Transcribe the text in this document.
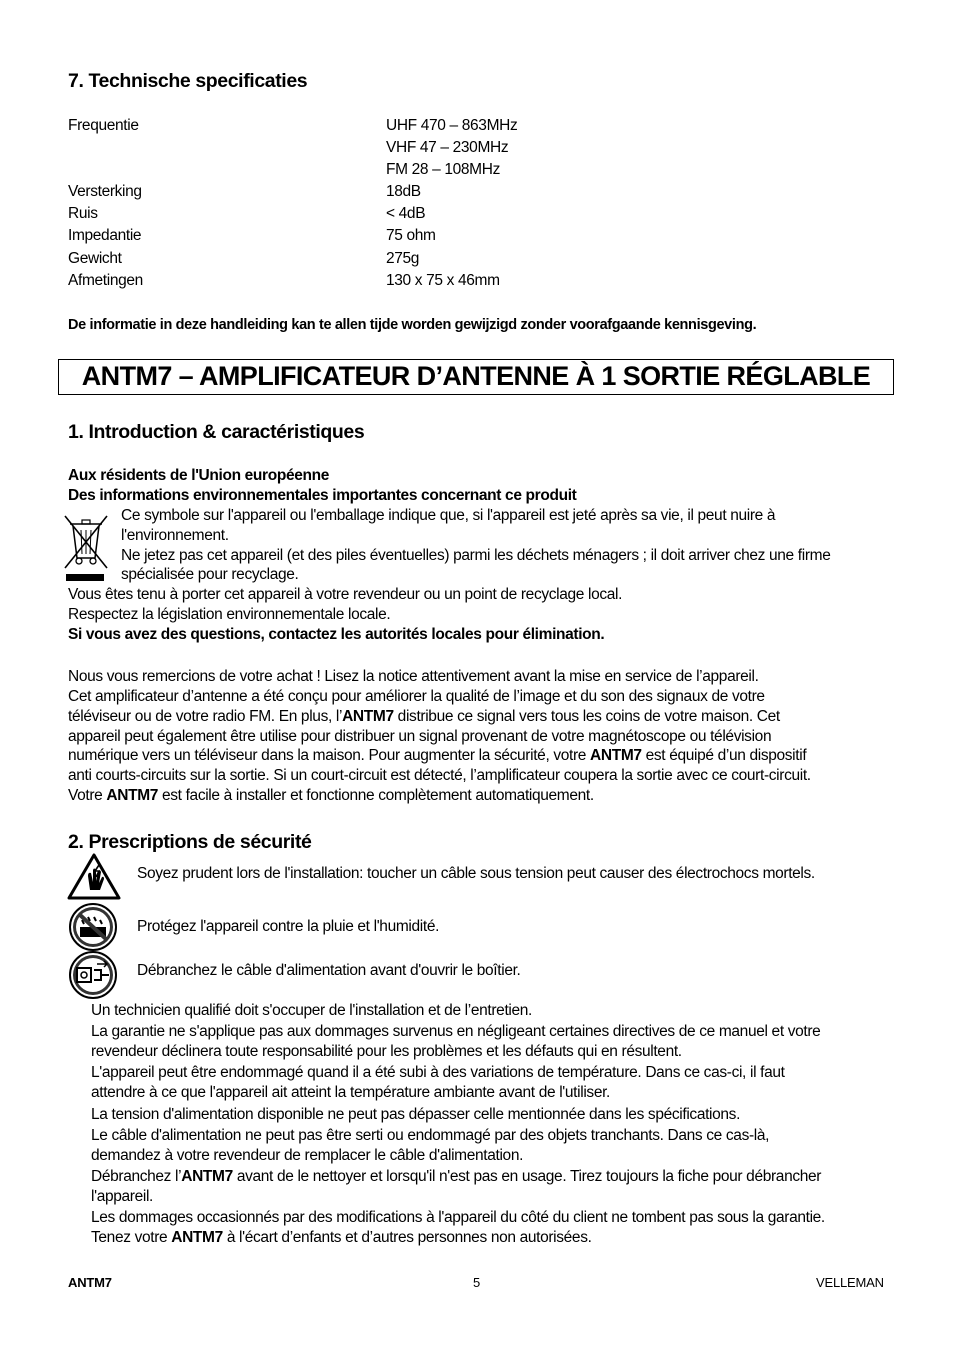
7. Technische specificaties
Frequentie	UHF 470 – 863MHz
VHF 47 – 230MHz
FM 28 – 108MHz
Versterking	18dB
Ruis	< 4dB
Impedantie	75 ohm
Gewicht	275g
Afmetingen	130 x 75 x 46mm
De informatie in deze handleiding kan te allen tijde worden gewijzigd zonder voorafgaande kennisgeving.
ANTM7 – AMPLIFICATEUR D’ANTENNE À 1 SORTIE RÉGLABLE
1. Introduction & caractéristiques
Aux résidents de l'Union européenne
Des informations environnementales importantes concernant ce produit
Ce symbole sur l'appareil ou l'emballage indique que, si l'appareil est jeté après sa vie, il peut nuire à
l'environnement.
Ne jetez pas cet appareil (et des piles éventuelles) parmi les déchets ménagers ; il doit arriver chez une firme
spécialisée pour recyclage.
Vous êtes tenu à porter cet appareil à votre revendeur ou un point de recyclage local.
Respectez la législation environnementale locale.
Si vous avez des questions, contactez les autorités locales pour élimination.
Nous vous remercions de votre achat ! Lisez la notice attentivement avant la mise en service de l’appareil.
Cet amplificateur d’antenne a été conçu pour améliorer la qualité de l’image et du son des signaux de votre
téléviseur ou de votre radio FM. En plus, l’ANTM7 distribue ce signal vers tous les coins de votre maison. Cet
appareil peut également être utilise pour distribuer un signal provenant de votre magnétoscope ou télévision
numérique vers un téléviseur dans la maison. Pour augmenter la sécurité, votre ANTM7 est équipé d’un dispositif
anti courts-circuits sur la sortie. Si un court-circuit est détecté, l’amplificateur coupera la sortie avec ce court-circuit.
Votre ANTM7 est facile à installer et fonctionne complètement automatiquement.
2. Prescriptions de sécurité
Soyez prudent lors de l'installation: toucher un câble sous tension peut causer des électrochocs mortels.
Protégez l'appareil contre la pluie et l'humidité.
Débranchez le câble d'alimentation avant d'ouvrir le boîtier.
Un technicien qualifié doit s'occuper de l'installation et de l’entretien.
La garantie ne s'applique pas aux dommages survenus en négligeant certaines directives de ce manuel et votre
revendeur déclinera toute responsabilité pour les problèmes et les défauts qui en résultent.
L'appareil peut être endommagé quand il a été subi à des variations de température. Dans ce cas-ci, il faut
attendre à ce que l'appareil ait atteint la température ambiante avant de l'utiliser.
La tension d'alimentation disponible ne peut pas dépasser celle mentionnée dans les spécifications.
Le câble d'alimentation ne peut pas être serti ou endommagé par des objets tranchants. Dans ce cas-là,
demandez à votre revendeur de remplacer le câble d'alimentation.
Débranchez l’ANTM7 avant de le nettoyer et lorsqu'il n'est pas en usage. Tirez toujours la fiche pour débrancher
l'appareil.
Les dommages occasionnés par des modifications à l'appareil du côté du client ne tombent pas sous la garantie.
Tenez votre ANTM7 à l'écart d’enfants et d’autres personnes non autorisées.
ANTM7	5	VELLEMAN
